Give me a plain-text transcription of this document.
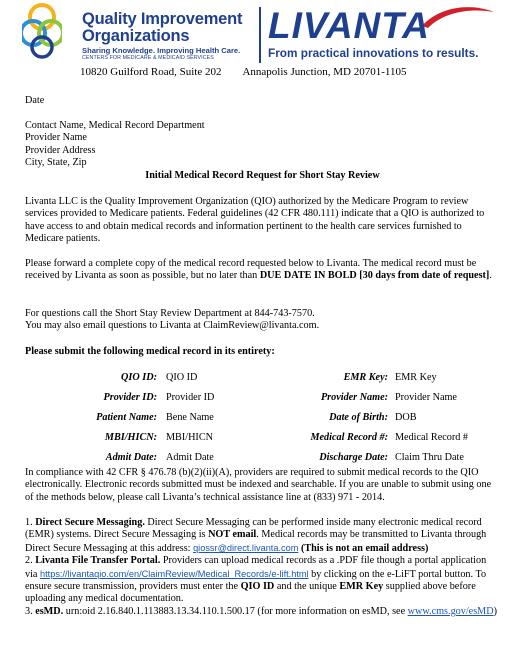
Quality Improvement
Organizations
Sharing Knowledge. Improving Health Care.
CENTERS FOR MEDICARE & MEDICAID SERVICES
LIVANTA
From practical innovations to results.
10820 Guilford Road, Suite 202 Annapolis Junction, MD 20701-1105
Date
Contact Name, Medical Record Department
Provider Name
Provider Address
City, State, Zip
Initial Medical Record Request for Short Stay Review
Livanta LLC is the Quality Improvement Organization (QIO) authorized by the Medicare Program to review services provided to Medicare patients. Federal guidelines (42 CFR 480.111) indicate that a QIO is authorized to have access to and obtain medical records and information pertinent to the health care services furnished to Medicare patients.
Please forward a complete copy of the medical record requested below to Livanta. The medical record must be received by Livanta as soon as possible, but no later than DUE DATE IN BOLD [30 days from date of request].
For questions call the Short Stay Review Department at 844-743-7570.
You may also email questions to Livanta at ClaimReview@livanta.com.
Please submit the following medical record in its entirety:
QIO ID: QIO ID	EMR Key: EMR Key
Provider ID: Provider ID	Provider Name: Provider Name
Patient Name: Bene Name	Date of Birth: DOB
MBI/HICN: MBI/HICN	Medical Record #: Medical Record #
Admit Date: Admit Date	Discharge Date: Claim Thru Date
In compliance with 42 CFR § 476.78 (b)(2)(ii)(A), providers are required to submit medical records to the QIO electronically. Electronic records submitted must be indexed and searchable. If you are unable to submit using one of the methods below, please call Livanta’s technical assistance line at (833) 971 - 2014.
1. Direct Secure Messaging. Direct Secure Messaging can be performed inside many electronic medical record (EMR) systems. Direct Secure Messaging is NOT email. Medical records may be transmitted to Livanta through Direct Secure Messaging at this address: qiossr@direct.livanta.com (This is not an email address)
2. Livanta File Transfer Portal. Providers can upload medical records as a .PDF file though a portal application via https://livantaqio.com/en/ClaimReview/Medical_Records/e-lift.html by clicking on the e-LiFT portal button. To ensure secure transmission, providers must enter the QIO ID and the unique EMR Key supplied above before uploading any medical documentation.
3. esMD. urn:oid 2.16.840.1.113883.13.34.110.1.500.17 (for more information on esMD, see www.cms.gov/esMD)
